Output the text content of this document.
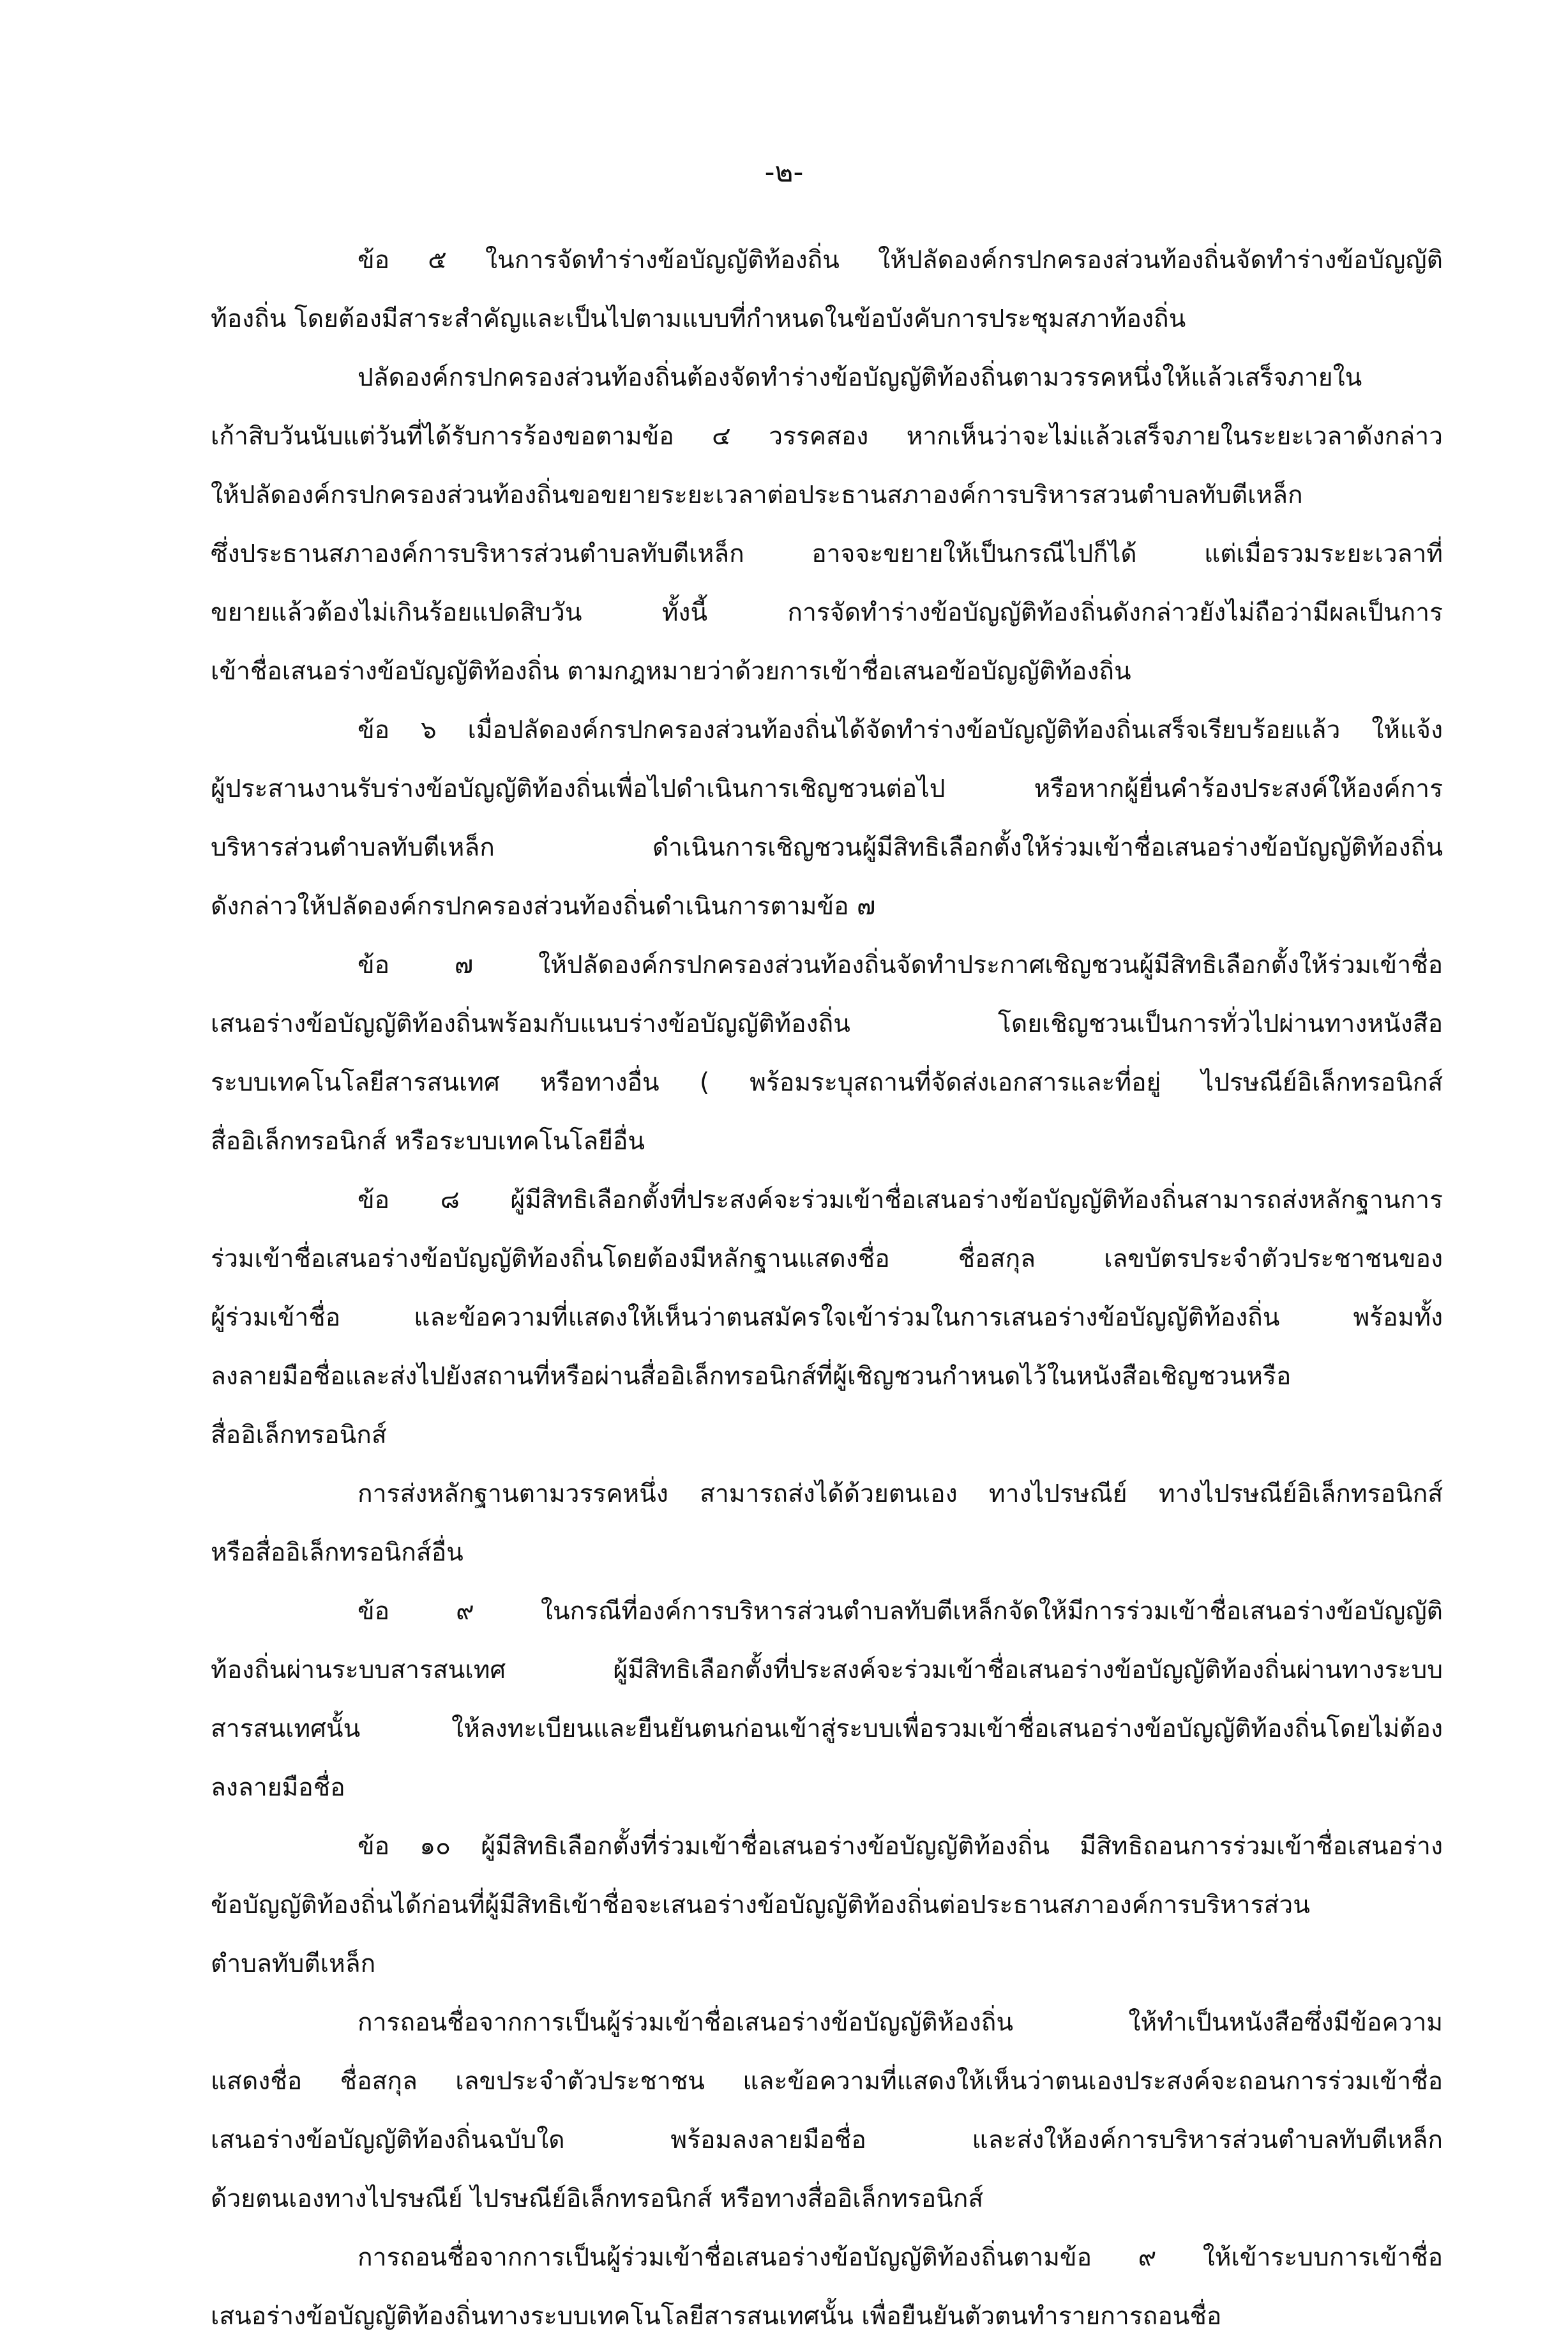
-๒-
ข้อ ๕ ในการจัดทำร่างข้อบัญญัติท้องถิ่น ให้ปลัดองค์กรปกครองส่วนท้องถิ่นจัดทำร่างข้อบัญญัติ
ท้องถิ่น โดยต้องมีสาระสำคัญและเป็นไปตามแบบที่กำหนดในข้อบังคับการประชุมสภาท้องถิ่น
ปลัดองค์กรปกครองส่วนท้องถิ่นต้องจัดทำร่างข้อบัญญัติท้องถิ่นตามวรรคหนึ่งให้แล้วเสร็จภายใน
เก้าสิบวันนับแต่วันที่ได้รับการร้องขอตามข้อ ๔ วรรคสอง หากเห็นว่าจะไม่แล้วเสร็จภายในระยะเวลาดังกล่าว
ให้ปลัดองค์กรปกครองส่วนท้องถิ่นขอขยายระยะเวลาต่อประธานสภาองค์การบริหารสวนตำบลทับตีเหล็ก
ซึ่งประธานสภาองค์การบริหารส่วนตำบลทับตีเหล็ก อาจจะขยายให้เป็นกรณีไปก็ได้ แต่เมื่อรวมระยะเวลาที่
ขยายแล้วต้องไม่เกินร้อยแปดสิบวัน ทั้งนี้ การจัดทำร่างข้อบัญญัติท้องถิ่นดังกล่าวยังไม่ถือว่ามีผลเป็นการ
เข้าชื่อเสนอร่างข้อบัญญัติท้องถิ่น ตามกฎหมายว่าด้วยการเข้าชื่อเสนอข้อบัญญัติท้องถิ่น
ข้อ ๖ เมื่อปลัดองค์กรปกครองส่วนท้องถิ่นได้จัดทำร่างข้อบัญญัติท้องถิ่นเสร็จเรียบร้อยแล้ว ให้แจ้ง
ผู้ประสานงานรับร่างข้อบัญญัติท้องถิ่นเพื่อไปดำเนินการเชิญชวนต่อไป หรือหากผู้ยื่นคำร้องประสงค์ให้องค์การ
บริหารส่วนตำบลทับตีเหล็ก ดำเนินการเชิญชวนผู้มีสิทธิเลือกตั้งให้ร่วมเข้าชื่อเสนอร่างข้อบัญญัติท้องถิ่น
ดังกล่าวให้ปลัดองค์กรปกครองส่วนท้องถิ่นดำเนินการตามข้อ ๗
ข้อ ๗ ให้ปลัดองค์กรปกครองส่วนท้องถิ่นจัดทำประกาศเชิญชวนผู้มีสิทธิเลือกตั้งให้ร่วมเข้าชื่อ
เสนอร่างข้อบัญญัติท้องถิ่นพร้อมกับแนบร่างข้อบัญญัติท้องถิ่น โดยเชิญชวนเป็นการทั่วไปผ่านทางหนังสือ
ระบบเทคโนโลยีสารสนเทศ หรือทางอื่น ( พร้อมระบุสถานที่จัดส่งเอกสารและที่อยู่ ไปรษณีย์อิเล็กทรอนิกส์
สื่ออิเล็กทรอนิกส์ หรือระบบเทคโนโลยีอื่น
ข้อ ๘ ผู้มีสิทธิเลือกตั้งที่ประสงค์จะร่วมเข้าชื่อเสนอร่างข้อบัญญัติท้องถิ่นสามารถส่งหลักฐานการ
ร่วมเข้าชื่อเสนอร่างข้อบัญญัติท้องถิ่นโดยต้องมีหลักฐานแสดงชื่อ ชื่อสกุล เลขบัตรประจำตัวประชาชนของ
ผู้ร่วมเข้าชื่อ และข้อความที่แสดงให้เห็นว่าตนสมัครใจเข้าร่วมในการเสนอร่างข้อบัญญัติท้องถิ่น พร้อมทั้ง
ลงลายมือชื่อและส่งไปยังสถานที่หรือผ่านสื่ออิเล็กทรอนิกส์ที่ผู้เชิญชวนกำหนดไว้ในหนังสือเชิญชวนหรือ
สื่ออิเล็กทรอนิกส์
การส่งหลักฐานตามวรรคหนึ่ง สามารถส่งได้ด้วยตนเอง ทางไปรษณีย์ ทางไปรษณีย์อิเล็กทรอนิกส์
หรือสื่ออิเล็กทรอนิกส์อื่น
ข้อ ๙ ในกรณีที่องค์การบริหารส่วนตำบลทับตีเหล็กจัดให้มีการร่วมเข้าชื่อเสนอร่างข้อบัญญัติ
ท้องถิ่นผ่านระบบสารสนเทศ ผู้มีสิทธิเลือกตั้งที่ประสงค์จะร่วมเข้าชื่อเสนอร่างข้อบัญญัติท้องถิ่นผ่านทางระบบ
สารสนเทศนั้น ให้ลงทะเบียนและยืนยันตนก่อนเข้าสู่ระบบเพื่อรวมเข้าชื่อเสนอร่างข้อบัญญัติท้องถิ่นโดยไม่ต้อง
ลงลายมือชื่อ
ข้อ ๑๐ ผู้มีสิทธิเลือกตั้งที่ร่วมเข้าชื่อเสนอร่างข้อบัญญัติท้องถิ่น มีสิทธิถอนการร่วมเข้าชื่อเสนอร่าง
ข้อบัญญัติท้องถิ่นได้ก่อนที่ผู้มีสิทธิเข้าชื่อจะเสนอร่างข้อบัญญัติท้องถิ่นต่อประธานสภาองค์การบริหารส่วน
ตำบลทับตีเหล็ก
การถอนชื่อจากการเป็นผู้ร่วมเข้าชื่อเสนอร่างข้อบัญญัติห้องถิ่น ให้ทำเป็นหนังสือซึ่งมีข้อความ
แสดงชื่อ ชื่อสกุล เลขประจำตัวประชาชน และข้อความที่แสดงให้เห็นว่าตนเองประสงค์จะถอนการร่วมเข้าชื่อ
เสนอร่างข้อบัญญัติท้องถิ่นฉบับใด พร้อมลงลายมือชื่อ และส่งให้องค์การบริหารส่วนตำบลทับตีเหล็ก
ด้วยตนเองทางไปรษณีย์ ไปรษณีย์อิเล็กทรอนิกส์ หรือทางสื่ออิเล็กทรอนิกส์
การถอนชื่อจากการเป็นผู้ร่วมเข้าชื่อเสนอร่างข้อบัญญัติท้องถิ่นตามข้อ ๙ ให้เข้าระบบการเข้าชื่อ
เสนอร่างข้อบัญญัติท้องถิ่นทางระบบเทคโนโลยีสารสนเทศนั้น เพื่อยืนยันตัวตนทำรายการถอนชื่อ
